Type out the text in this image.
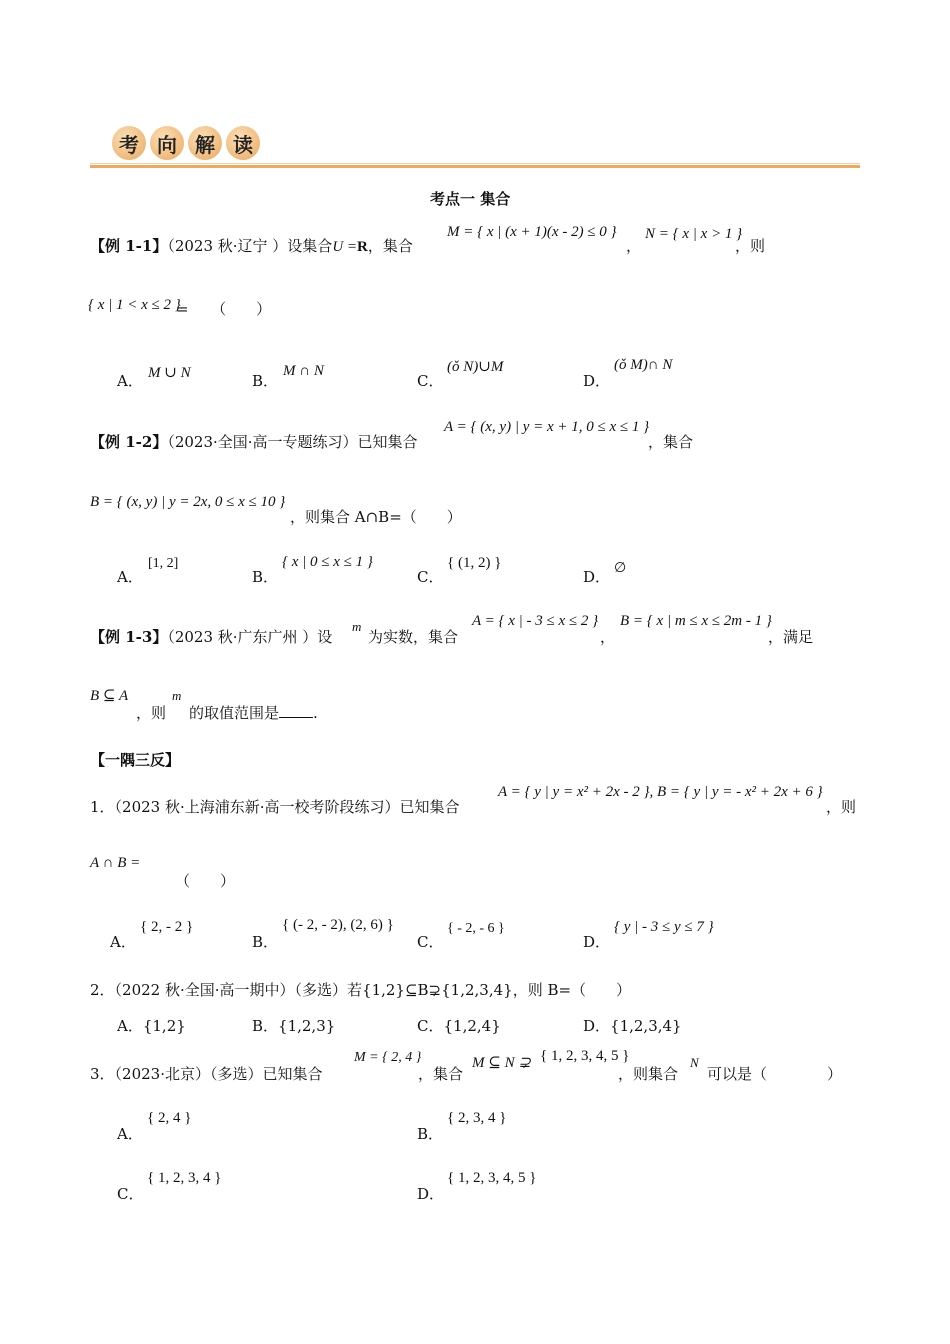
考 向 解 读
考点一 集合
【例 1-1】（2023 秋·辽宁 ）设集合U =R，集合
M = { x | (x + 1)(x - 2) ≤ 0 }
，
N = { x | x > 1 }
，则
{ x | 1 < x ≤ 2 }
=　　（　　）
A． M ∪ N	B．
M ∩ N
C．
(ǒ N)∪M
D．
(ǒ M)∩ N
【例 1-2】（2023·全国·高一专题练习）已知集合
A = { (x, y) | y = x + 1, 0 ≤ x ≤ 1 }
，集合
B = { (x, y) | y = 2x, 0 ≤ x ≤ 10 }
，则集合 A∩B=（　　）
A．
[1, 2]
B．
{ x | 0 ≤ x ≤ 1 }
C．
{ (1, 2) }
D． ∅
【例 1-3】（2023 秋·广东广州 ）设
m
为实数，集合
A = { x | - 3 ≤ x ≤ 2 }
，
B = { x | m ≤ x ≤ 2m - 1 }
，满足
B ⊆ A
，则
m
的取值范围是 .
【一隅三反】
1．（2023 秋·上海浦东新·高一校考阶段练习）已知集合
A = { y | y = x² + 2x - 2 }, B = { y | y = - x² + 2x + 6 }
，则
A ∩ B =
（　　）
A．
{ 2, - 2 }
B．
{ (- 2, - 2), (2, 6) }
C．
{ - 2, - 6 }
D．
{ y | - 3 ≤ y ≤ 7 }
2．（2022 秋·全国·高一期中）（多选）若{1,2}⊆B⊋{1,2,3,4}，则 B=（　　）
A．{1,2}	B．{1,2,3}	C．{1,2,4}	D．{1,2,3,4}
3．（2023·北京）（多选）已知集合
M = { 2, 4 }
，集合
M ⊆ N ⊋ { 1, 2, 3, 4, 5 }
，则集合
N
可以是（　　　　）
A．
{ 2, 4 }
B．
{ 2, 3, 4 }
C．
{ 1, 2, 3, 4 }
D．
{ 1, 2, 3, 4, 5 }
